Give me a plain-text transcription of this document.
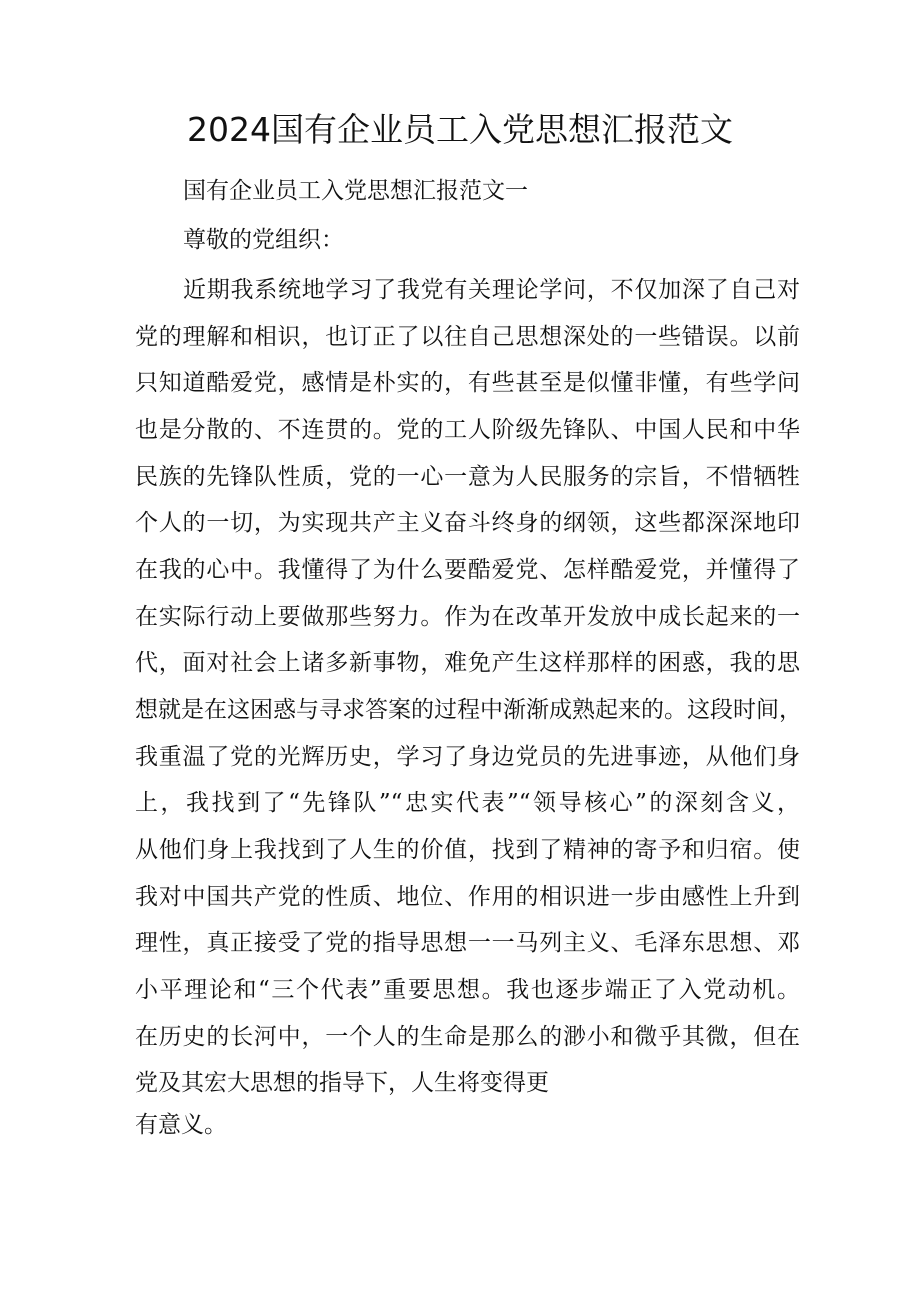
2024国有企业员工入党思想汇报范文

国有企业员工入党思想汇报范文一

尊敬的党组织：

近期我系统地学习了我党有关理论学问，不仅加深了自己对

党的理解和相识，也订正了以往自己思想深处的一些错误。以前

只知道酷爱党，感情是朴实的，有些甚至是似懂非懂，有些学问

也是分散的、不连贯的。党的工人阶级先锋队、中国人民和中华

民族的先锋队性质，党的一心一意为人民服务的宗旨，不惜牺牲

个人的一切，为实现共产主义奋斗终身的纲领，这些都深深地印

在我的心中。我懂得了为什么要酷爱党、怎样酷爱党，并懂得了

在实际行动上要做那些努力。作为在改革开发放中成长起来的一

代，面对社会上诸多新事物，难免产生这样那样的困惑，我的思

想就是在这困惑与寻求答案的过程中渐渐成熟起来的。这段时间，

我重温了党的光辉历史，学习了身边党员的先进事迹，从他们身

上，我找到了“先锋队”“忠实代表”“领导核心”的深刻含义，

从他们身上我找到了人生的价值，找到了精神的寄予和归宿。使

我对中国共产党的性质、地位、作用的相识进一步由感性上升到

理性，真正接受了党的指导思想一一马列主义、毛泽东思想、邓

小平理论和“三个代表”重要思想。我也逐步端正了入党动机。

在历史的长河中，一个人的生命是那么的渺小和微乎其微，但在

党及其宏大思想的指导下，人生将变得更

有意义。
